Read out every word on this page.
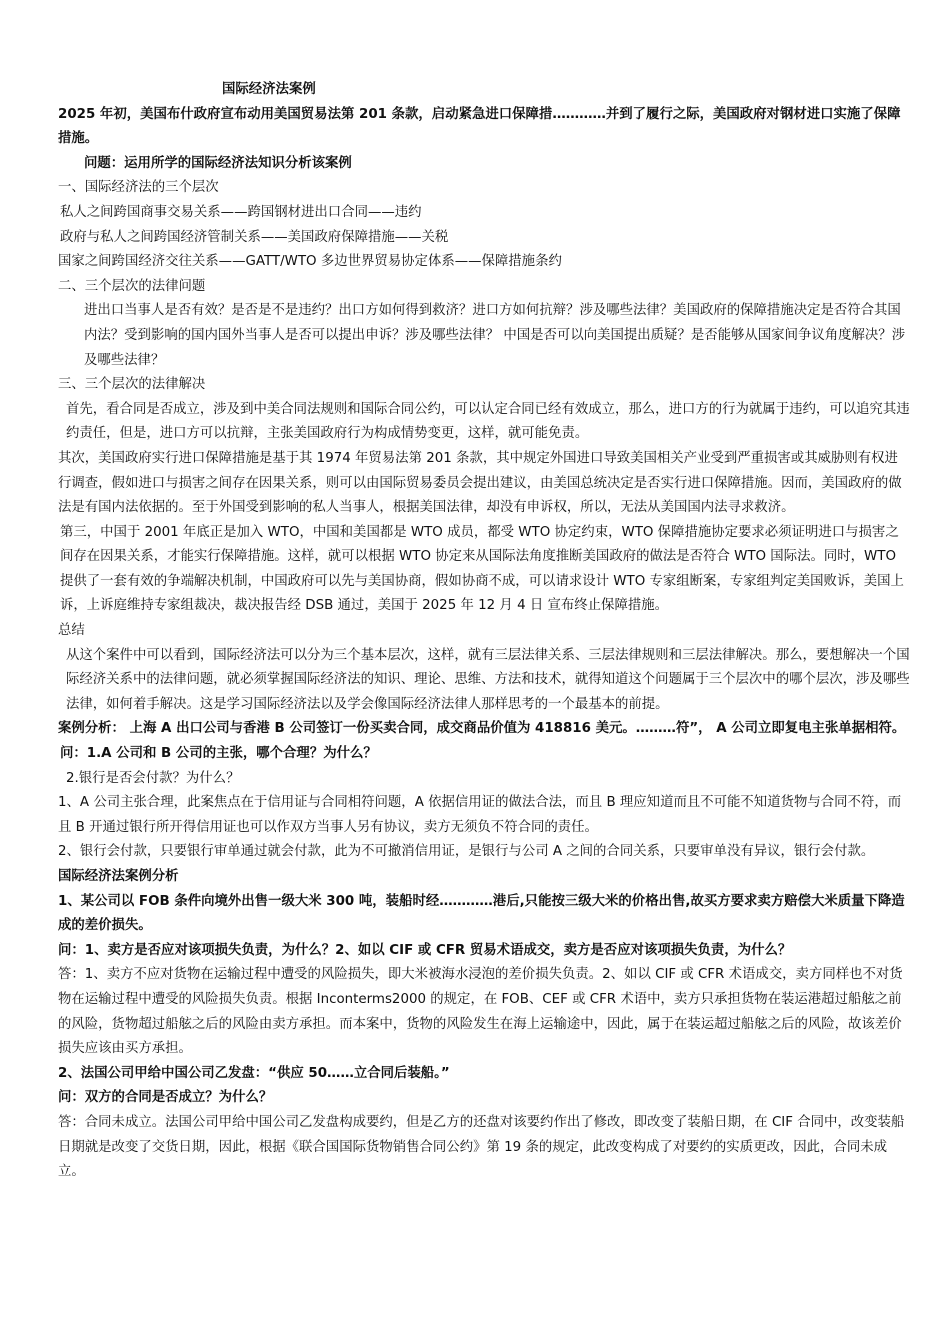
国际经济法案例
2025 年初，美国布什政府宣布动用美国贸易法第 201 条款，启动紧急进口保障措…………并到了履行之际，美国政府对钢材进口实施了保障措施。
问题：运用所学的国际经济法知识分析该案例
一、国际经济法的三个层次
私人之间跨国商事交易关系——跨国钢材进出口合同——违约
政府与私人之间跨国经济管制关系——美国政府保障措施——关税
国家之间跨国经济交往关系——GATT/WTO 多边世界贸易协定体系——保障措施条约
二、三个层次的法律问题
进出口当事人是否有效？是否是不是违约？出口方如何得到救济？进口方如何抗辩？涉及哪些法律？美国政府的保障措施决定是否符合其国内法？受到影响的国内国外当事人是否可以提出申诉？涉及哪些法律？ 中国是否可以向美国提出质疑？是否能够从国家间争议角度解决？涉及哪些法律？
三、三个层次的法律解决
首先，看合同是否成立，涉及到中美合同法规则和国际合同公约，可以认定合同已经有效成立，那么，进口方的行为就属于违约，可以追究其违约责任，但是，进口方可以抗辩，主张美国政府行为构成情势变更，这样，就可能免责。
其次，美国政府实行进口保障措施是基于其 1974 年贸易法第 201 条款，其中规定外国进口导致美国相关产业受到严重损害或其威胁则有权进行调查，假如进口与损害之间存在因果关系，则可以由国际贸易委员会提出建议，由美国总统决定是否实行进口保障措施。因而，美国政府的做法是有国内法依据的。至于外国受到影响的私人当事人，根据美国法律，却没有申诉权，所以，无法从美国国内法寻求救济。
第三，中国于 2001 年底正是加入 WTO，中国和美国都是 WTO 成员，都受 WTO 协定约束，WTO 保障措施协定要求必须证明进口与损害之间存在因果关系，才能实行保障措施。这样，就可以根据 WTO 协定来从国际法角度推断美国政府的做法是否符合 WTO 国际法。同时，WTO 提供了一套有效的争端解决机制，中国政府可以先与美国协商，假如协商不成，可以请求设计 WTO 专家组断案，专家组判定美国败诉，美国上诉，上诉庭维持专家组裁决，裁决报告经 DSB 通过，美国于 2025 年 12 月 4 日 宣布终止保障措施。
总结
从这个案件中可以看到，国际经济法可以分为三个基本层次，这样，就有三层法律关系、三层法律规则和三层法律解决。那么，要想解决一个国际经济关系中的法律问题，就必须掌握国际经济法的知识、理论、思维、方法和技术，就得知道这个问题属于三个层次中的哪个层次，涉及哪些法律，如何着手解决。这是学习国际经济法以及学会像国际经济法律人那样思考的一个最基本的前提。
案例分析： 上海 A 出口公司与香港 B 公司签订一份买卖合同，成交商品价值为 418816 美元。………符”， A 公司立即复电主张单据相符。
问：1.A 公司和 B 公司的主张，哪个合理？为什么？
2.银行是否会付款？为什么？
1、A 公司主张合理，此案焦点在于信用证与合同相符问题，A 依据信用证的做法合法，而且 B 理应知道而且不可能不知道货物与合同不符，而且 B 开通过银行所开得信用证也可以作双方当事人另有协议，卖方无须负不符合同的责任。
2、银行会付款，只要银行审单通过就会付款，此为不可撤消信用证，是银行与公司 A 之间的合同关系，只要审单没有异议，银行会付款。
国际经济法案例分析
1、某公司以 FOB 条件向境外出售一级大米 300 吨，装船时经…………港后,只能按三级大米的价格出售,故买方要求卖方赔偿大米质量下降造成的差价损失。
问：1、卖方是否应对该项损失负责，为什么？2、如以 CIF 或 CFR 贸易术语成交，卖方是否应对该项损失负责，为什么？
答：1、卖方不应对货物在运输过程中遭受的风险损失，即大米被海水浸泡的差价损失负责。2、如以 CIF 或 CFR 术语成交，卖方同样也不对货物在运输过程中遭受的风险损失负责。根据 Inconterms2000 的规定，在 FOB、CEF 或 CFR 术语中，卖方只承担货物在装运港超过船舷之前的风险，货物超过船舷之后的风险由卖方承担。而本案中，货物的风险发生在海上运输途中，因此，属于在装运超过船舷之后的风险，故该差价损失应该由买方承担。
2、法国公司甲给中国公司乙发盘：“供应 50……立合同后装船。”
问：双方的合同是否成立？为什么？
答：合同未成立。法国公司甲给中国公司乙发盘构成要约，但是乙方的还盘对该要约作出了修改，即改变了装船日期，在 CIF 合同中，改变装船日期就是改变了交货日期，因此，根据《联合国国际货物销售合同公约》第 19 条的规定，此改变构成了对要约的实质更改，因此，合同未成立。
